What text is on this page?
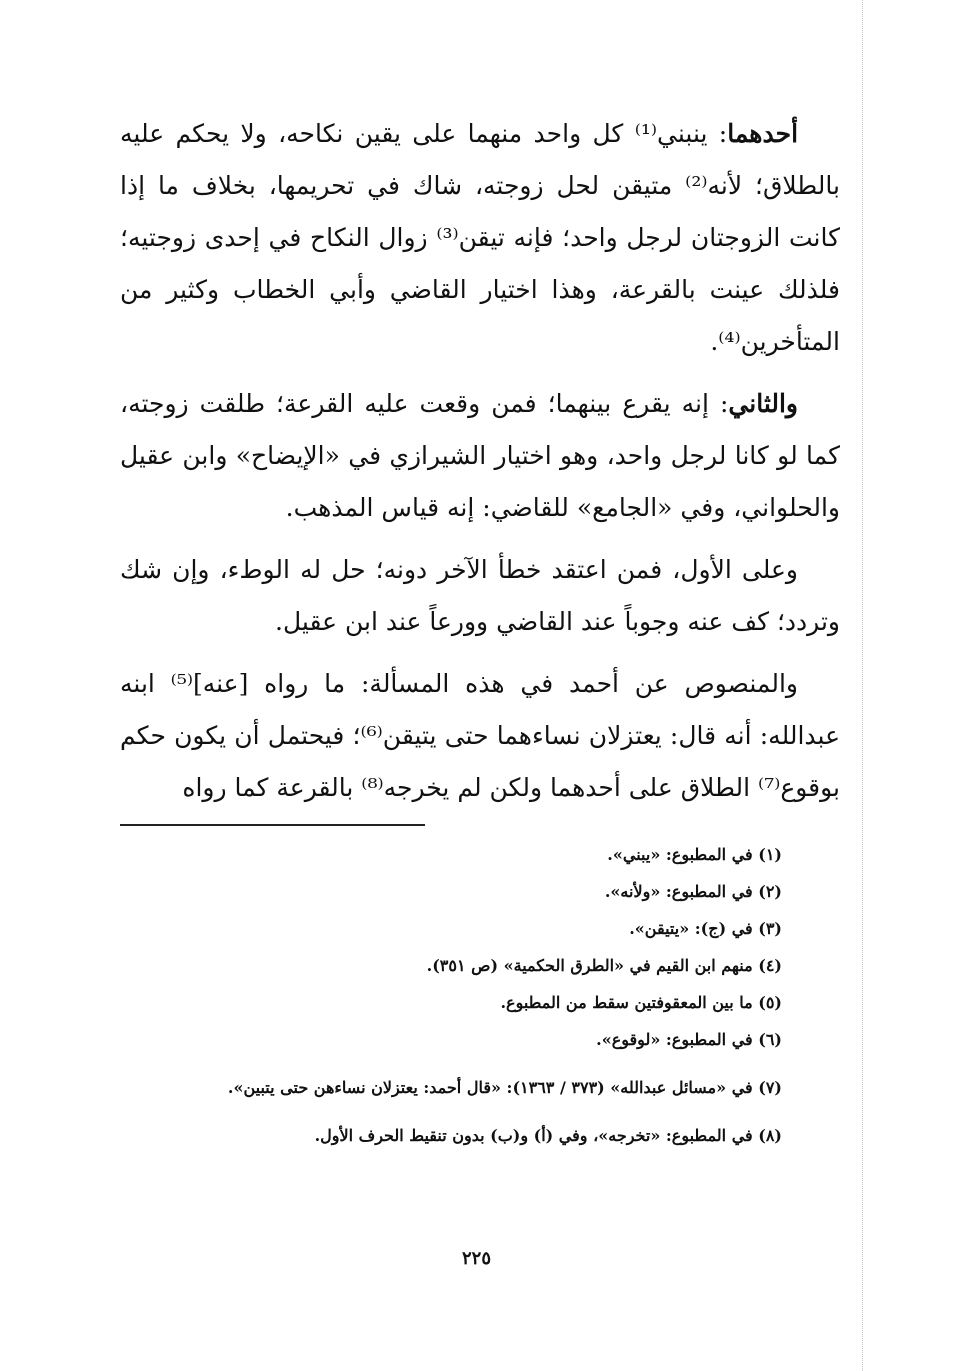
أحدهما: ينبني⁽¹⁾ كل واحد منهما على يقين نكاحه، ولا يحكم عليه بالطلاق؛ لأنه⁽²⁾ متيقن لحل زوجته، شاك في تحريمها، بخلاف ما إذا كانت الزوجتان لرجل واحد؛ فإنه تيقن⁽³⁾ زوال النكاح في إحدى زوجتيه؛ فلذلك عينت بالقرعة، وهذا اختيار القاضي وأبي الخطاب وكثير من المتأخرين⁽⁴⁾.

والثاني: إنه يقرع بينهما؛ فمن وقعت عليه القرعة؛ طلقت زوجته، كما لو كانا لرجل واحد، وهو اختيار الشيرازي في «الإيضاح» وابن عقيل والحلواني، وفي «الجامع» للقاضي: إنه قياس المذهب.

وعلى الأول، فمن اعتقد خطأ الآخر دونه؛ حل له الوطء، وإن شك وتردد؛ كف عنه وجوباً عند القاضي وورعاً عند ابن عقيل.

والمنصوص عن أحمد في هذه المسألة: ما رواه [عنه]⁽⁵⁾ ابنه عبدالله: أنه قال: يعتزلان نساءهما حتى يتيقن⁽⁶⁾؛ فيحتمل أن يكون حكم بوقوع⁽⁷⁾ الطلاق على أحدهما ولكن لم يخرجه⁽⁸⁾ بالقرعة كما رواه

(١) في المطبوع: «يبني».
(٢) في المطبوع: «ولأنه».
(٣) في (ج): «يتيقن».
(٤) منهم ابن القيم في «الطرق الحكمية» (ص ٣٥١).
(٥) ما بين المعقوفتين سقط من المطبوع.
(٦) في المطبوع: «لوقوع».
(٧) في «مسائل عبدالله» (٣٧٣ / ١٣٦٣): «قال أحمد: يعتزلان نساءهن حتى يتبين».
(٨) في المطبوع: «تخرجه»، وفي (أ) و(ب) بدون تنقيط الحرف الأول.
٢٢٥
